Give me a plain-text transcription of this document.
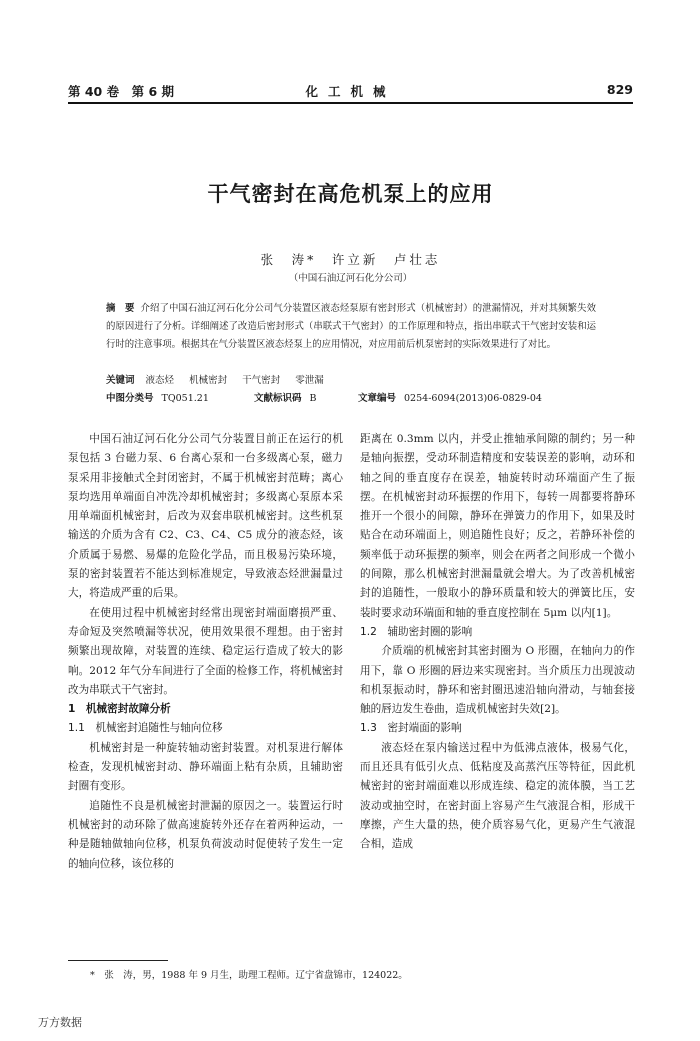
第 40 卷　第 6 期	化工机械	829
干气密封在高危机泵上的应用
张　涛*　许立新　卢壮志
（中国石油辽河石化分公司）
摘　要 介绍了中国石油辽河石化分公司气分装置区液态烃泵原有密封形式（机械密封）的泄漏情况，并对其频繁失效的原因进行了分析。详细阐述了改造后密封形式（串联式干气密封）的工作原理和特点，指出串联式干气密封安装和运行时的注意事项。根据其在气分装置区液态烃泵上的应用情况，对应用前后机泵密封的实际效果进行了对比。
关键词 液态烃 机械密封 干气密封 零泄漏
中图分类号 TQ051.21	文献标识码 B	文章编号 0254-6094(2013)06-0829-04

中国石油辽河石化分公司气分装置目前正在运行的机泵包括 3 台磁力泵、6 台离心泵和一台多级离心泵，磁力泵采用非接触式全封闭密封，不属于机械密封范畴；离心泵均选用单端面自冲洗冷却机械密封；多级离心泵原本采用单端面机械密封，后改为双套串联机械密封。这些机泵输送的介质为含有 C2、C3、C4、C5 成分的液态烃，该介质属于易燃、易爆的危险化学品，而且极易污染环境，泵的密封装置若不能达到标准规定，导致液态烃泄漏量过大，将造成严重的后果。

在使用过程中机械密封经常出现密封端面磨损严重、寿命短及突然喷漏等状况，使用效果很不理想。由于密封频繁出现故障，对装置的连续、稳定运行造成了较大的影响。2012 年气分车间进行了全面的检修工作，将机械密封改为串联式干气密封。

1　机械密封故障分析
1.1　机械密封追随性与轴向位移

机械密封是一种旋转轴动密封装置。对机泵进行解体检查，发现机械密封动、静环端面上粘有杂质，且辅助密封圈有变形。

追随性不良是机械密封泄漏的原因之一。装置运行时机械密封的动环除了做高速旋转外还存在着两种运动，一种是随轴做轴向位移，机泵负荷波动时促使转子发生一定的轴向位移，该位移的

距离在 0.3mm 以内，并受止推轴承间隙的制约；另一种是轴向振摆，受动环制造精度和安装误差的影响，动环和轴之间的垂直度存在误差，轴旋转时动环端面产生了振摆。在机械密封动环振摆的作用下，每转一周都要将静环推开一个很小的间隙，静环在弹簧力的作用下，如果及时贴合在动环端面上，则追随性良好；反之，若静环补偿的频率低于动环振摆的频率，则会在两者之间形成一个微小的间隙，那么机械密封泄漏量就会增大。为了改善机械密封的追随性，一般取小的静环质量和较大的弹簧比压，安装时要求动环端面和轴的垂直度控制在 5μm 以内[1]。

1.2　辅助密封圈的影响

介质端的机械密封其密封圈为 O 形圈，在轴向力的作用下，靠 O 形圈的唇边来实现密封。当介质压力出现波动和机泵振动时，静环和密封圈迅速沿轴向滑动，与轴套接触的唇边发生卷曲，造成机械密封失效[2]。

1.3　密封端面的影响

液态烃在泵内输送过程中为低沸点液体，极易气化，而且还具有低引火点、低粘度及高蒸汽压等特征，因此机械密封的密封端面难以形成连续、稳定的流体膜，当工艺波动或抽空时，在密封面上容易产生气液混合相，形成干摩擦，产生大量的热，使介质容易气化，更易产生气液混合相，造成

*　张　涛，男，1988 年 9 月生，助理工程师。辽宁省盘锦市，124022。
万方数据
